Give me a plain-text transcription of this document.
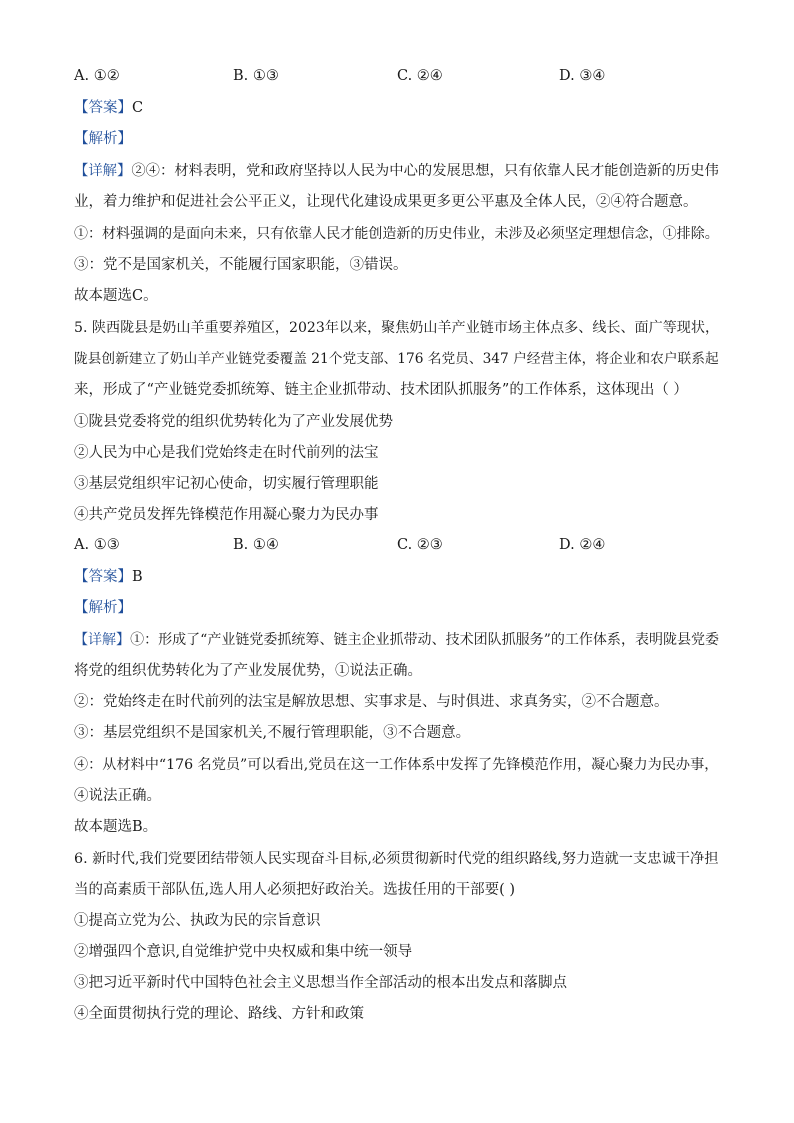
A. ①②	B. ①③	C. ②④	D. ③④
【答案】C
【解析】
【详解】②④：材料表明，党和政府坚持以人民为中心的发展思想，只有依靠人民才能创造新的历史伟
业，着力维护和促进社会公平正义，让现代化建设成果更多更公平惠及全体人民，②④符合题意。
①：材料强调的是面向未来，只有依靠人民才能创造新的历史伟业，未涉及必须坚定理想信念，①排除。
③：党不是国家机关，不能履行国家职能，③错误。
故本题选C。
5. 陕西陇县是奶山羊重要养殖区，2023年以来，聚焦奶山羊产业链市场主体点多、线长、面广等现状，
陇县创新建立了奶山羊产业链党委覆盖 21个党支部、176 名党员、347 户经营主体，将企业和农户联系起
来，形成了“产业链党委抓统筹、链主企业抓带动、技术团队抓服务”的工作体系，这体现出（ ）
①陇县党委将党的组织优势转化为了产业发展优势
②人民为中心是我们党始终走在时代前列的法宝
③基层党组织牢记初心使命，切实履行管理职能
④共产党员发挥先锋模范作用凝心聚力为民办事
A. ①③	B. ①④	C. ②③	D. ②④
【答案】B
【解析】
【详解】①：形成了“产业链党委抓统筹、链主企业抓带动、技术团队抓服务”的工作体系，表明陇县党委
将党的组织优势转化为了产业发展优势，①说法正确。
②：党始终走在时代前列的法宝是解放思想、实事求是、与时俱进、求真务实，②不合题意。
③：基层党组织不是国家机关,不履行管理职能，③不合题意。
④：从材料中“176 名党员”可以看出,党员在这一工作体系中发挥了先锋模范作用，凝心聚力为民办事，
④说法正确。
故本题选B。
6. 新时代,我们党要团结带领人民实现奋斗目标,必须贯彻新时代党的组织路线,努力造就一支忠诚干净担
当的高素质干部队伍,选人用人必须把好政治关。选拔任用的干部要( )
①提高立党为公、执政为民的宗旨意识
②增强四个意识,自觉维护党中央权威和集中统一领导
③把习近平新时代中国特色社会主义思想当作全部活动的根本出发点和落脚点
④全面贯彻执行党的理论、路线、方针和政策
